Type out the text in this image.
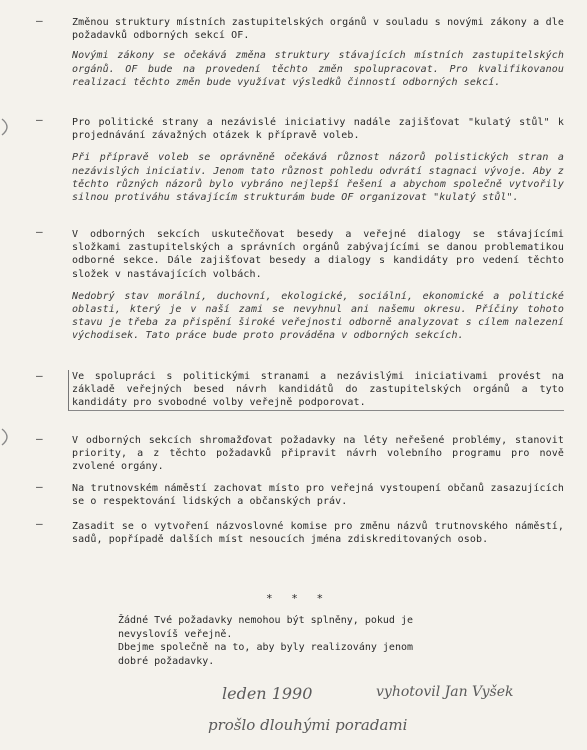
–	Změnou struktury místních zastupitelských orgánů v souladu s novými zákony a dle požadavků odborných sekcí OF.

Novými zákony se očekává změna struktury stávajících místních zastupitelských orgánů. OF bude na provedení těchto změn spolupracovat. Pro kvalifikovanou realizaci těchto změn bude využívat výsledků činností odborných sekcí.

–	Pro politické strany a nezávislé iniciativy nadále zajišťovat "kulatý stůl" k projednávání závažných otázek k přípravě voleb.

Při přípravě voleb se oprávněně očekává různost názorů polistických stran a nezávislých iniciativ. Jenom tato různost pohledu odvrátí stagnaci vývoje. Aby z těchto různých názorů bylo vybráno nejlepší řešení a abychom společně vytvořily silnou protiváhu stávajícím strukturám bude OF organizovat "kulatý stůl".

–	V odborných sekcích uskutečňovat besedy a veřejné dialogy se stávajícími složkami zastupitelských a správních orgánů zabývajícími se danou problematikou odborné sekce. Dále zajišťovat besedy a dialogy s kandidáty pro vedení těchto složek v nastávajících volbách.

Nedobrý stav morální, duchovní, ekologické, sociální, ekonomické a politické oblasti, který je v naší zami se nevyhnul ani našemu okresu. Příčiny tohoto stavu je třeba za přispění široké veřejnosti odborně analyzovat s cílem nalezení východisek. Tato práce bude proto prováděna v odborných sekcích.

–	Ve spolupráci s politickými stranami a nezávislými iniciativami provést na základě veřejných besed návrh kandidátů do zastupitelských orgánů a tyto kandidáty pro svobodné volby veřejně podporovat.

–	V odborných sekcích shromažďovat požadavky na léty neřešené problémy, stanovit priority, a z těchto požadavků připravit návrh volebního programu pro nově zvolené orgány.

–	Na trutnovském náměstí zachovat místo pro veřejná vystoupení občanů zasazujících se o respektování lidských a občanských práv.

–	Zasadit se o vytvoření názvoslovné komise pro změnu názvů trutnovského náměstí, sadů, popřípadě dalších míst nesoucích jména zdiskreditovaných osob.

* * *

Žádné Tvé požadavky nemohou být splněny, pokud je

nevyslovíš veřejně.

Dbejme společně na to, aby byly realizovány jenom

dobré požadavky.

leden 1990	vyhotovil Jan Vyšek
prošlo dlouhými poradami
